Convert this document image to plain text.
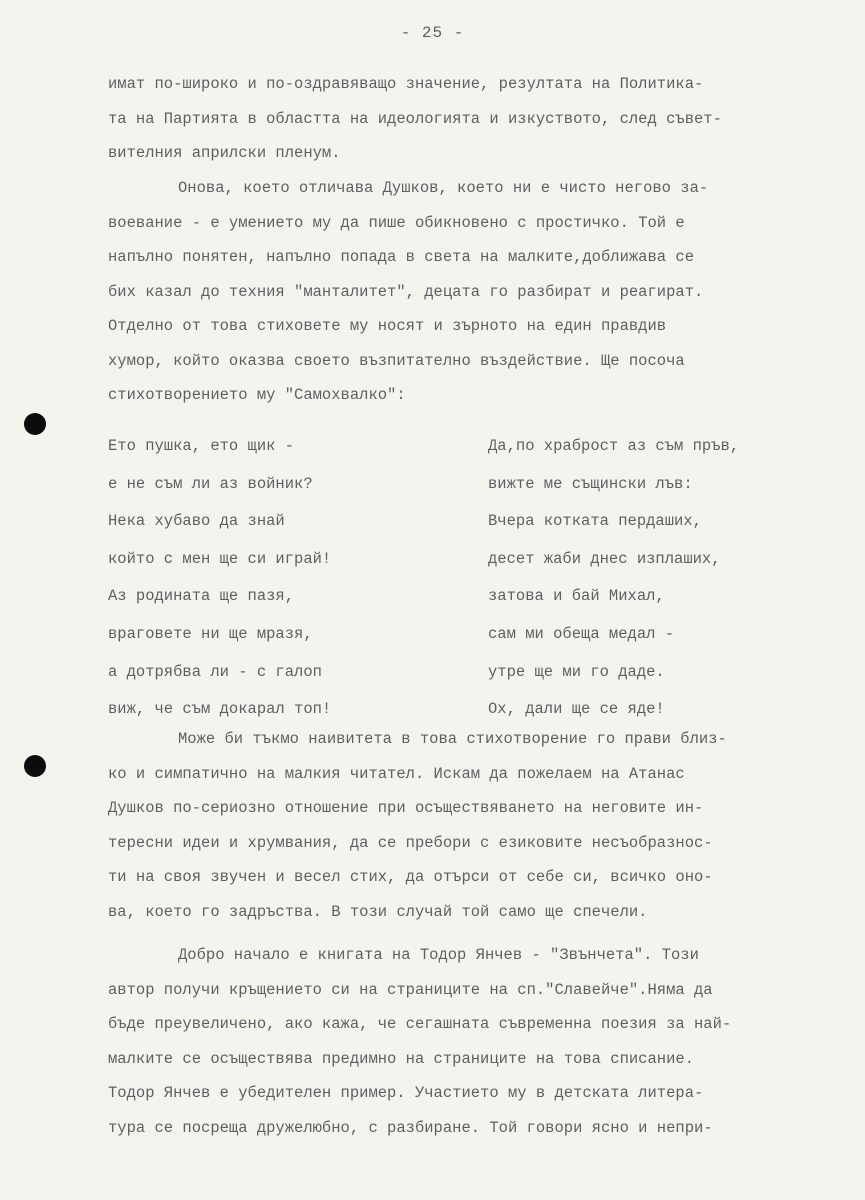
- 25 -
имат по-широко и по-оздравяващо значение, резултата на Политика-
та на Партията в областта на идеологията и изкуството, след съвет-
вителния априлски пленум.
Онова, което отличава Душков, което ни е чисто негово за-
воевание - е умението му да пише обикновено с простичко. Той е
напълно понятен, напълно попада в света на малките,доближава се
бих казал до техния "манталитет", децата го разбират и реагират.
Отделно от това стиховете му носят и зърното на един правдив
хумор, който оказва своето възпитателно въздействие. Ще посоча
стихотворението му "Самохвалко":
Ето пушка, ето щик -	Да,по храброст аз съм пръв,
е не съм ли аз войник?	вижте ме същински лъв:
Нека хубаво да знай	Вчера котката пердаших,
който с мен ще си играй!	десет жаби днес изплаших,
Аз родината ще пазя,	затова и бай Михал,
враговете ни ще мразя,	сам ми обеща медал -
а дотрябва ли - с галоп	утре ще ми го даде.
виж, че съм докарал топ!	Ох, дали ще се яде!
Може би тъкмо наивитета в това стихотворение го прави близ-
ко и симпатично на малкия читател. Искам да пожелаем на Атанас
Душков по-сериозно отношение при осъществяването на неговите ин-
тересни идеи и хрумвания, да се пребори с езиковите несъобразнос-
ти на своя звучен и весел стих, да отърси от себе си, всичко оно-
ва, което го задръства. В този случай той само ще спечели.
Добро начало е книгата на Тодор Янчев - "Звънчета". Този
автор получи кръщението си на страниците на сп."Славейче".Няма да
бъде преувеличено, ако кажа, че сегашната съвременна поезия за най-
малките се осъществява предимно на страниците на това списание.
Тодор Янчев е убедителен пример. Участието му в детската литера-
тура се посреща дружелюбно, с разбиране. Той говори ясно и непри-
